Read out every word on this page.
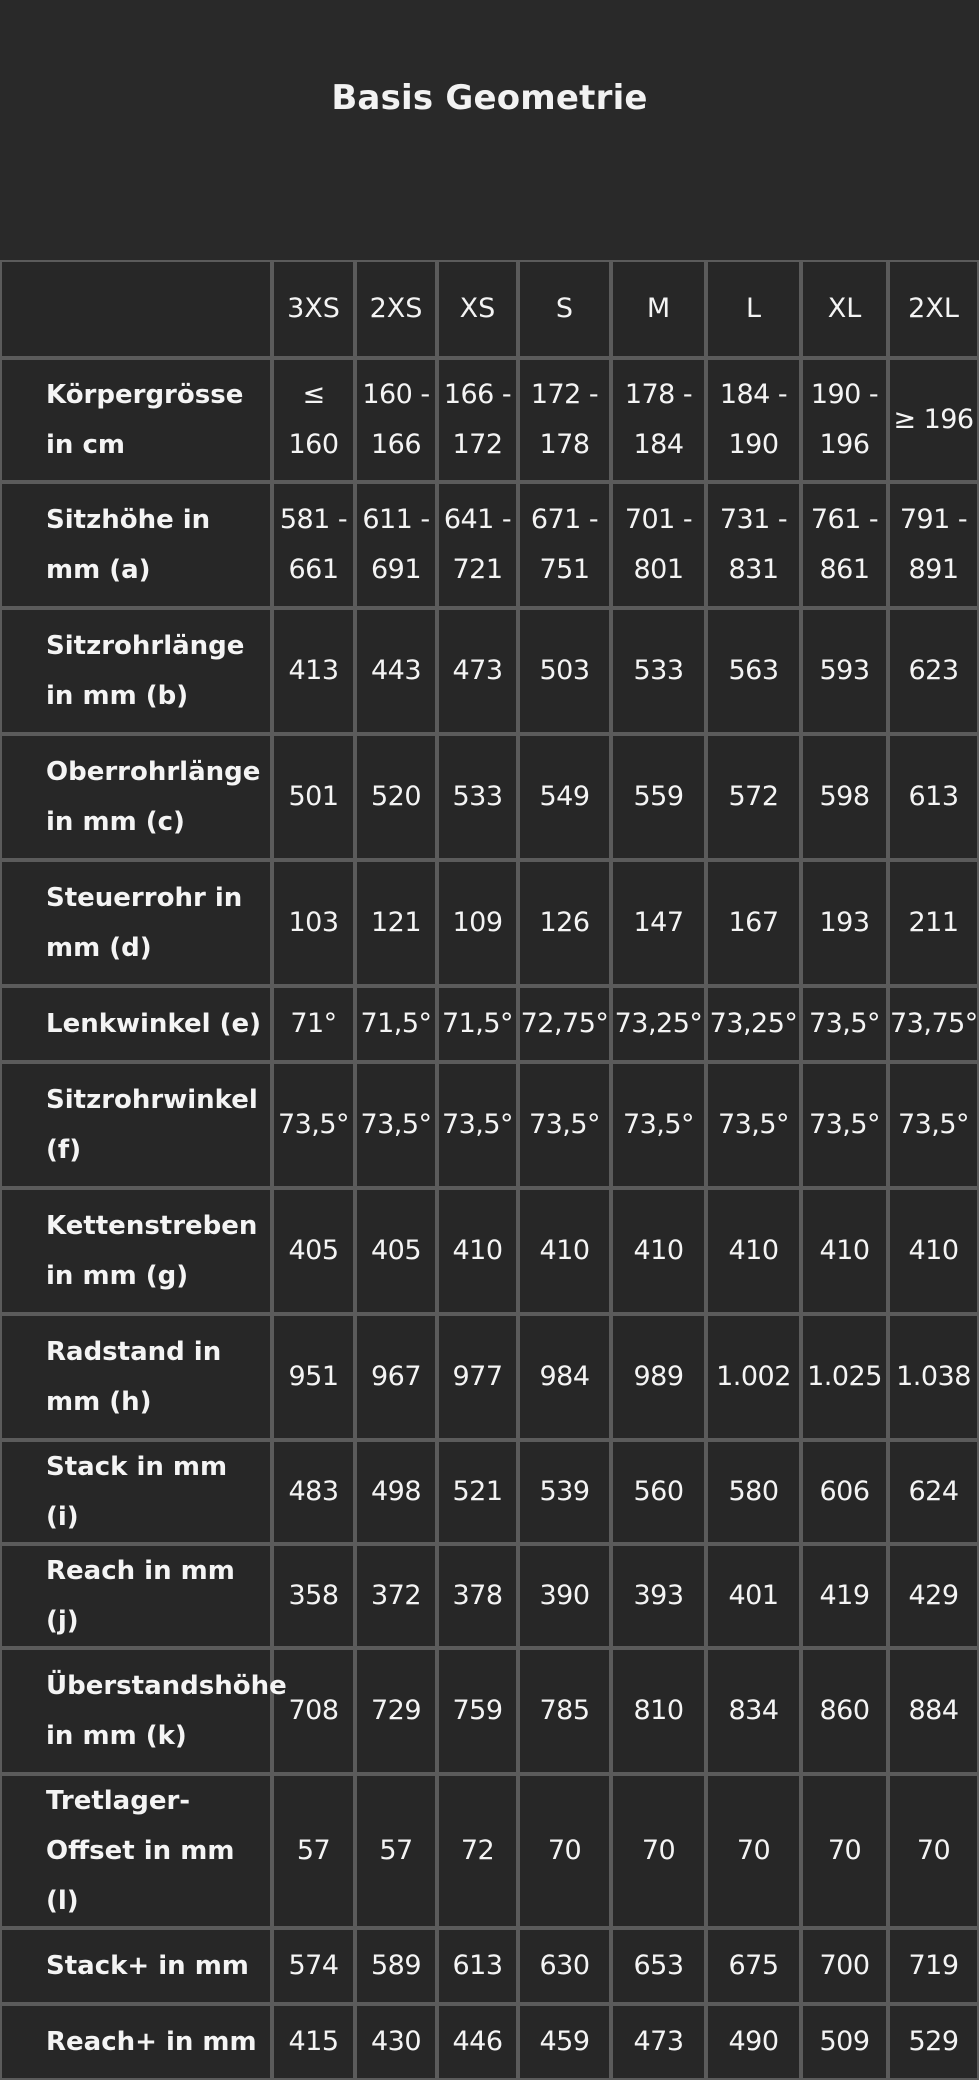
Basis Geometrie
	3XS	2XS	XS	S	M	L	XL	2XL
Körpergrösse in cm	≤ 160	160 - 166	166 - 172	172 - 178	178 - 184	184 - 190	190 - 196	≥ 196
Sitzhöhe in mm (a)	581 - 661	611 - 691	641 - 721	671 - 751	701 - 801	731 - 831	761 - 861	791 - 891
Sitzrohrlänge in mm (b)	413	443	473	503	533	563	593	623
Oberrohrlänge in mm (c)	501	520	533	549	559	572	598	613
Steuerrohr in mm (d)	103	121	109	126	147	167	193	211
Lenkwinkel (e)	71°	71,5°	71,5°	72,75°	73,25°	73,25°	73,5°	73,75°
Sitzrohrwinkel (f)	73,5°	73,5°	73,5°	73,5°	73,5°	73,5°	73,5°	73,5°
Kettenstreben in mm (g)	405	405	410	410	410	410	410	410
Radstand in mm (h)	951	967	977	984	989	1.002	1.025	1.038
Stack in mm (i)	483	498	521	539	560	580	606	624
Reach in mm (j)	358	372	378	390	393	401	419	429
Überstandshöhe in mm (k)	708	729	759	785	810	834	860	884
Tretlager-Offset in mm (l)	57	57	72	70	70	70	70	70
Stack+ in mm	574	589	613	630	653	675	700	719
Reach+ in mm	415	430	446	459	473	490	509	529
